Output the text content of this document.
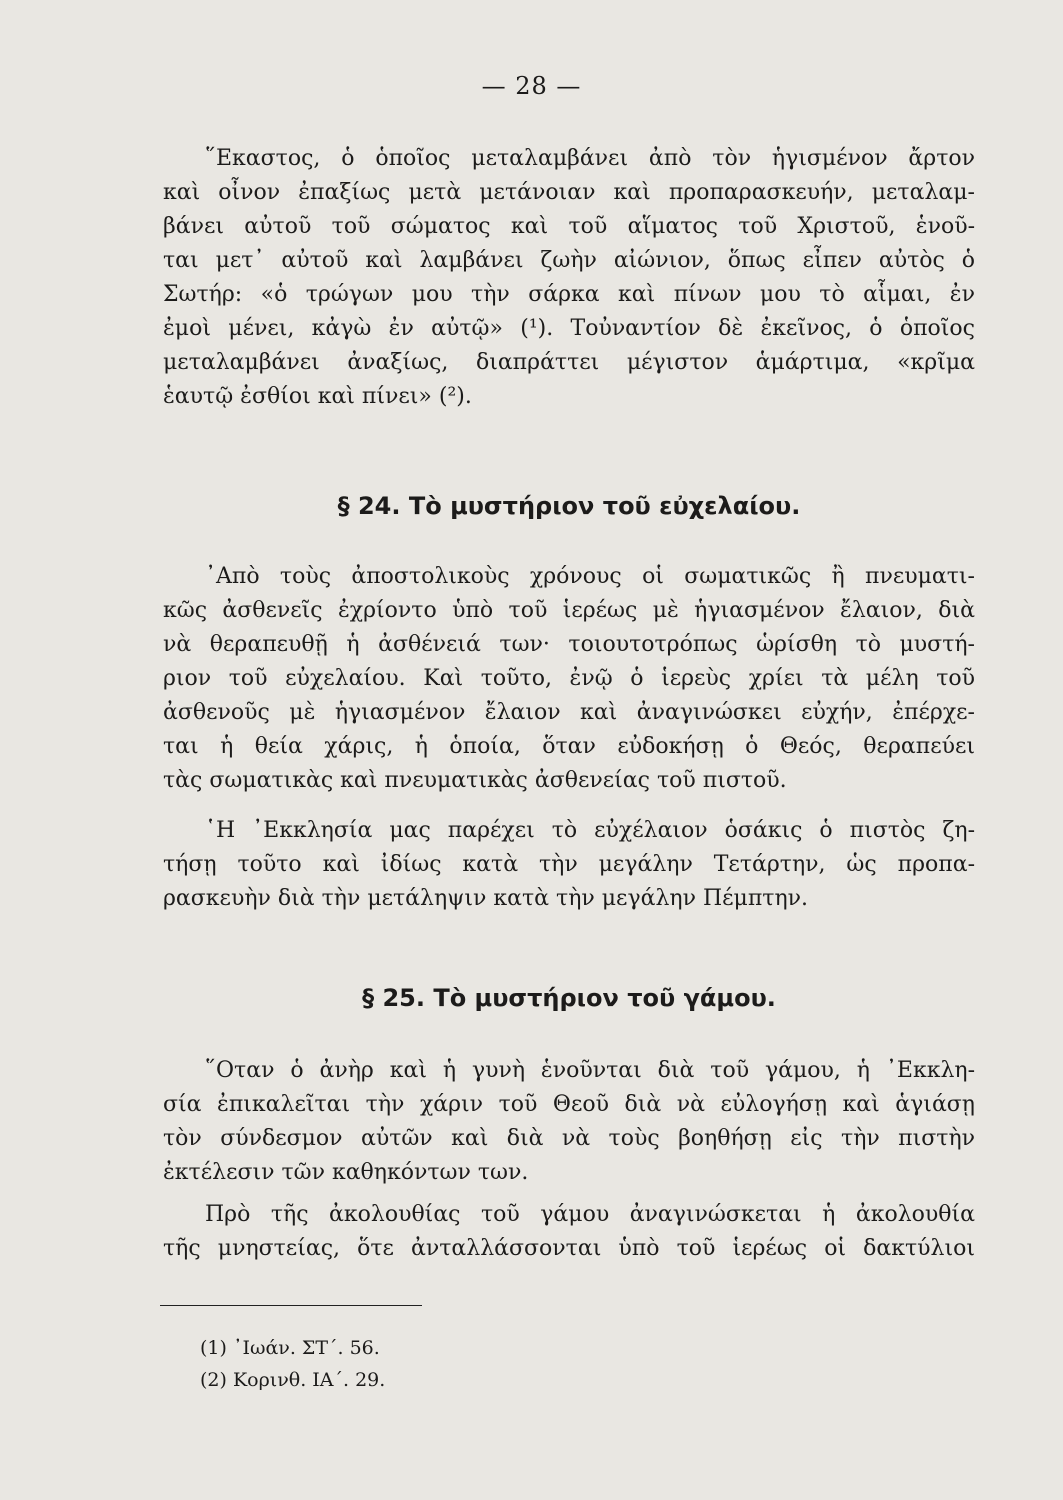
— 28 —
῞Εκαστος, ὁ ὁποῖος μεταλαμβάνει ἀπὸ τὸν ἡγισμένον ἄρτον
καὶ οἶνον ἐπαξίως μετὰ μετάνοιαν καὶ προπαρασκευήν, μεταλαμ-
βάνει αὐτοῦ τοῦ σώματος καὶ τοῦ αἵματος τοῦ Χριστοῦ, ἑνοῦ-
ται μετ᾽ αὐτοῦ καὶ λαμβάνει ζωὴν αἰώνιον, ὅπως εἶπεν αὐτὸς ὁ
Σωτήρ: «ὁ τρώγων μου τὴν σάρκα καὶ πίνων μου τὸ αἷμαι, ἐν
ἐμοὶ μένει, κἀγὼ ἐν αὐτῷ» (¹). Τοὐναντίον δὲ ἐκεῖνος, ὁ ὁποῖος
μεταλαμβάνει ἀναξίως, διαπράττει μέγιστον ἁμάρτιμα, «κρῖμα
ἑαυτῷ ἐσθίοι καὶ πίνει» (²).
§ 24. Τὸ μυστήριον τοῦ εὐχελαίου.
᾽Απὸ τοὺς ἀποστολικοὺς χρόνους οἱ σωματικῶς ἢ πνευματι-
κῶς ἀσθενεῖς ἐχρίοντο ὑπὸ τοῦ ἱερέως μὲ ἡγιασμένον ἔλαιον, διὰ
νὰ θεραπευθῇ ἡ ἀσθένειά των· τοιουτοτρόπως ὡρίσθη τὸ μυστή-
ριον τοῦ εὐχελαίου. Καὶ τοῦτο, ἐνῷ ὁ ἱερεὺς χρίει τὰ μέλη τοῦ
ἀσθενοῦς μὲ ἡγιασμένον ἔλαιον καὶ ἀναγινώσκει εὐχήν, ἐπέρχε-
ται ἡ θεία χάρις, ἡ ὁποία, ὅταν εὐδοκήσῃ ὁ Θεός, θεραπεύει
τὰς σωματικὰς καὶ πνευματικὰς ἀσθενείας τοῦ πιστοῦ.
῾Η ᾽Εκκλησία μας παρέχει τὸ εὐχέλαιον ὁσάκις ὁ πιστὸς ζη-
τήσῃ τοῦτο καὶ ἰδίως κατὰ τὴν μεγάλην Τετάρτην, ὡς προπα-
ρασκευὴν διὰ τὴν μετάληψιν κατὰ τὴν μεγάλην Πέμπτην.
§ 25. Τὸ μυστήριον τοῦ γάμου.
῞Οταν ὁ ἀνὴρ καὶ ἡ γυνὴ ἑνοῦνται διὰ τοῦ γάμου, ἡ ᾽Εκκλη-
σία ἐπικαλεῖται τὴν χάριν τοῦ Θεοῦ διὰ νὰ εὐλογήσῃ καὶ ἁγιάσῃ
τὸν σύνδεσμον αὐτῶν καὶ διὰ νὰ τοὺς βοηθήσῃ εἰς τὴν πιστὴν
ἐκτέλεσιν τῶν καθηκόντων των.
Πρὸ τῆς ἀκολουθίας τοῦ γάμου ἀναγινώσκεται ἡ ἀκολουθία
τῆς μνηστείας, ὅτε ἀνταλλάσσονται ὑπὸ τοῦ ἱερέως οἱ δακτύλιοι
(1) ᾽Ιωάν. ΣΤ΄. 56.
(2) Κορινθ. ΙΑ΄. 29.
